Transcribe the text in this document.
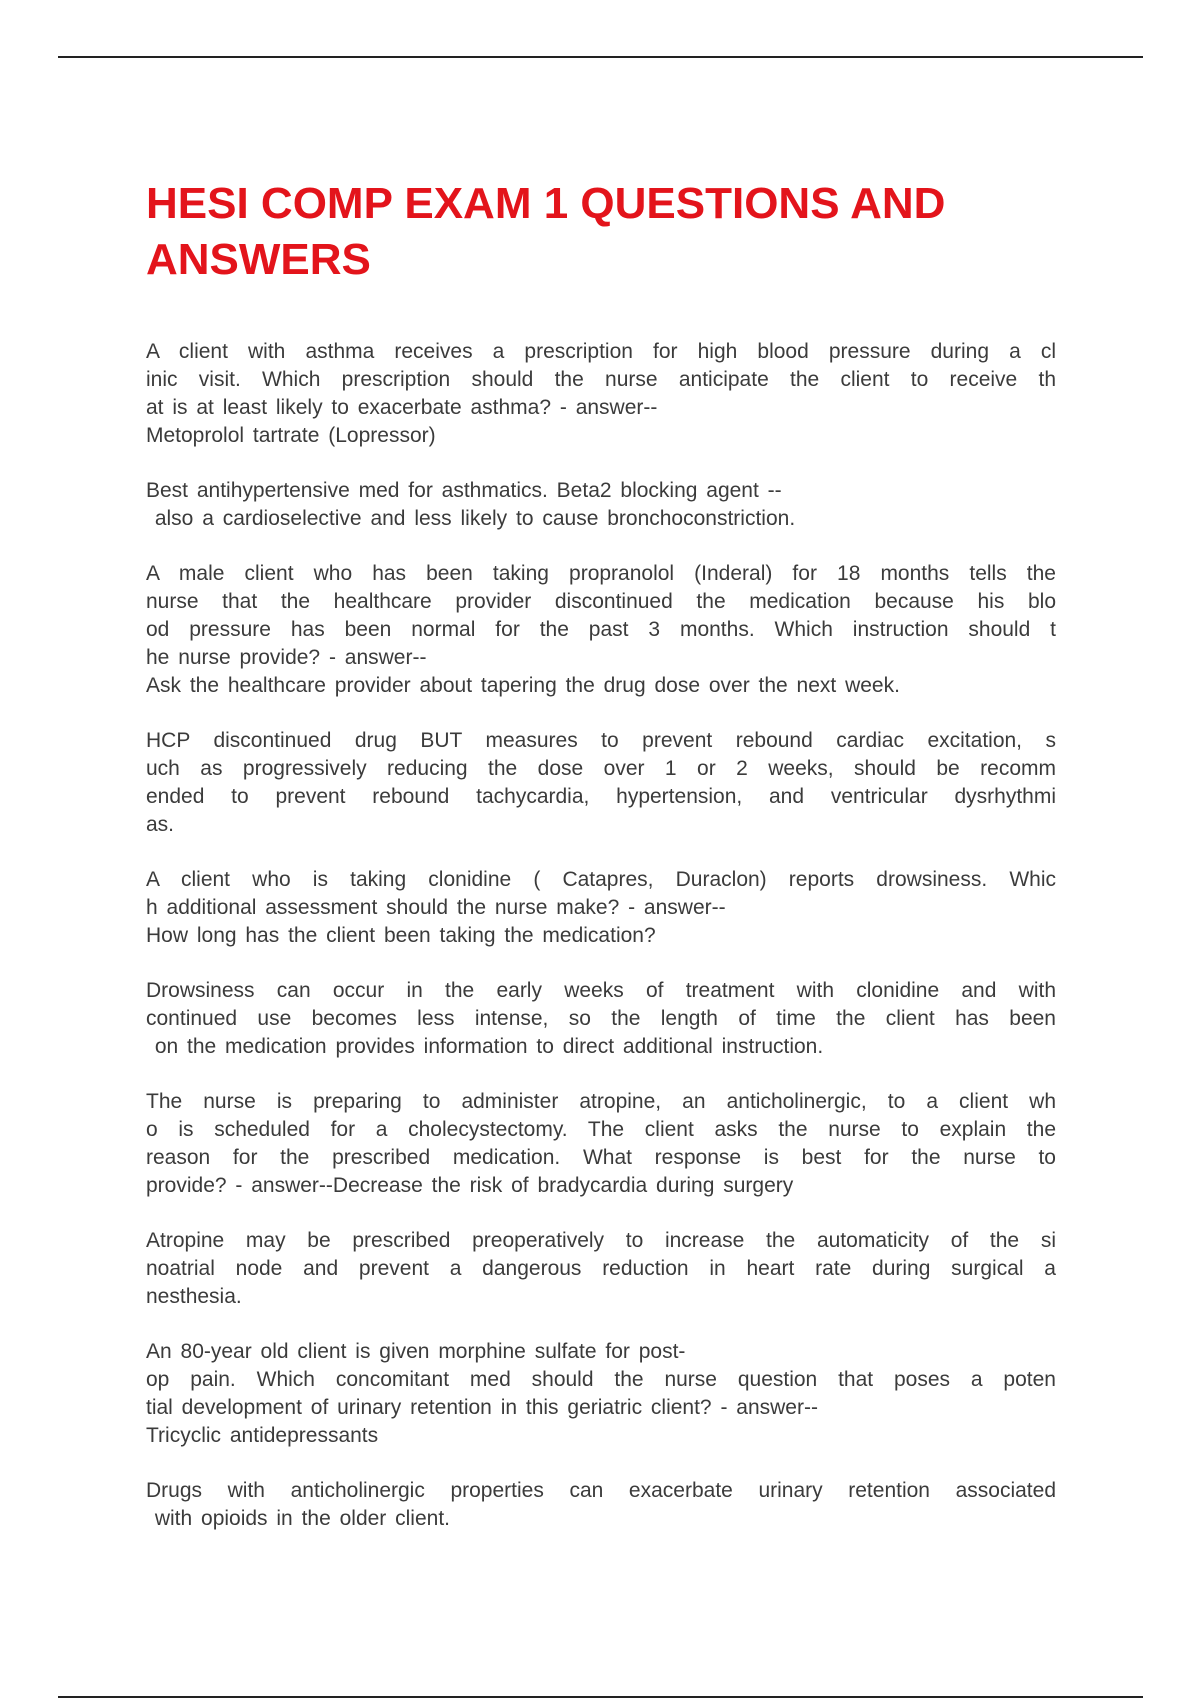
HESI COMP EXAM 1 QUESTIONS AND
ANSWERS
A client with asthma receives a prescription for high blood pressure during a cl
inic visit. Which prescription should the nurse anticipate the client to receive th
at is at least likely to exacerbate asthma? - answer--
Metoprolol tartrate (Lopressor)
Best antihypertensive med for asthmatics. Beta2 blocking agent --
also a cardioselective and less likely to cause bronchoconstriction.
A male client who has been taking propranolol (Inderal) for 18 months tells the
nurse that the healthcare provider discontinued the medication because his blo
od pressure has been normal for the past 3 months. Which instruction should t
he nurse provide? - answer--
Ask the healthcare provider about tapering the drug dose over the next week.
HCP discontinued drug BUT measures to prevent rebound cardiac excitation, s
uch as progressively reducing the dose over 1 or 2 weeks, should be recomm
ended to prevent rebound tachycardia, hypertension, and ventricular dysrhythmi
as.
A client who is taking clonidine ( Catapres, Duraclon) reports drowsiness. Whic
h additional assessment should the nurse make? - answer--
How long has the client been taking the medication?
Drowsiness can occur in the early weeks of treatment with clonidine and with
continued use becomes less intense, so the length of time the client has been
on the medication provides information to direct additional instruction.
The nurse is preparing to administer atropine, an anticholinergic, to a client wh
o is scheduled for a cholecystectomy. The client asks the nurse to explain the
reason for the prescribed medication. What response is best for the nurse to
provide? - answer--Decrease the risk of bradycardia during surgery
Atropine may be prescribed preoperatively to increase the automaticity of the si
noatrial node and prevent a dangerous reduction in heart rate during surgical a
nesthesia.
An 80-year old client is given morphine sulfate for post-
op pain. Which concomitant med should the nurse question that poses a poten
tial development of urinary retention in this geriatric client? - answer--
Tricyclic antidepressants
Drugs with anticholinergic properties can exacerbate urinary retention associated
with opioids in the older client.
